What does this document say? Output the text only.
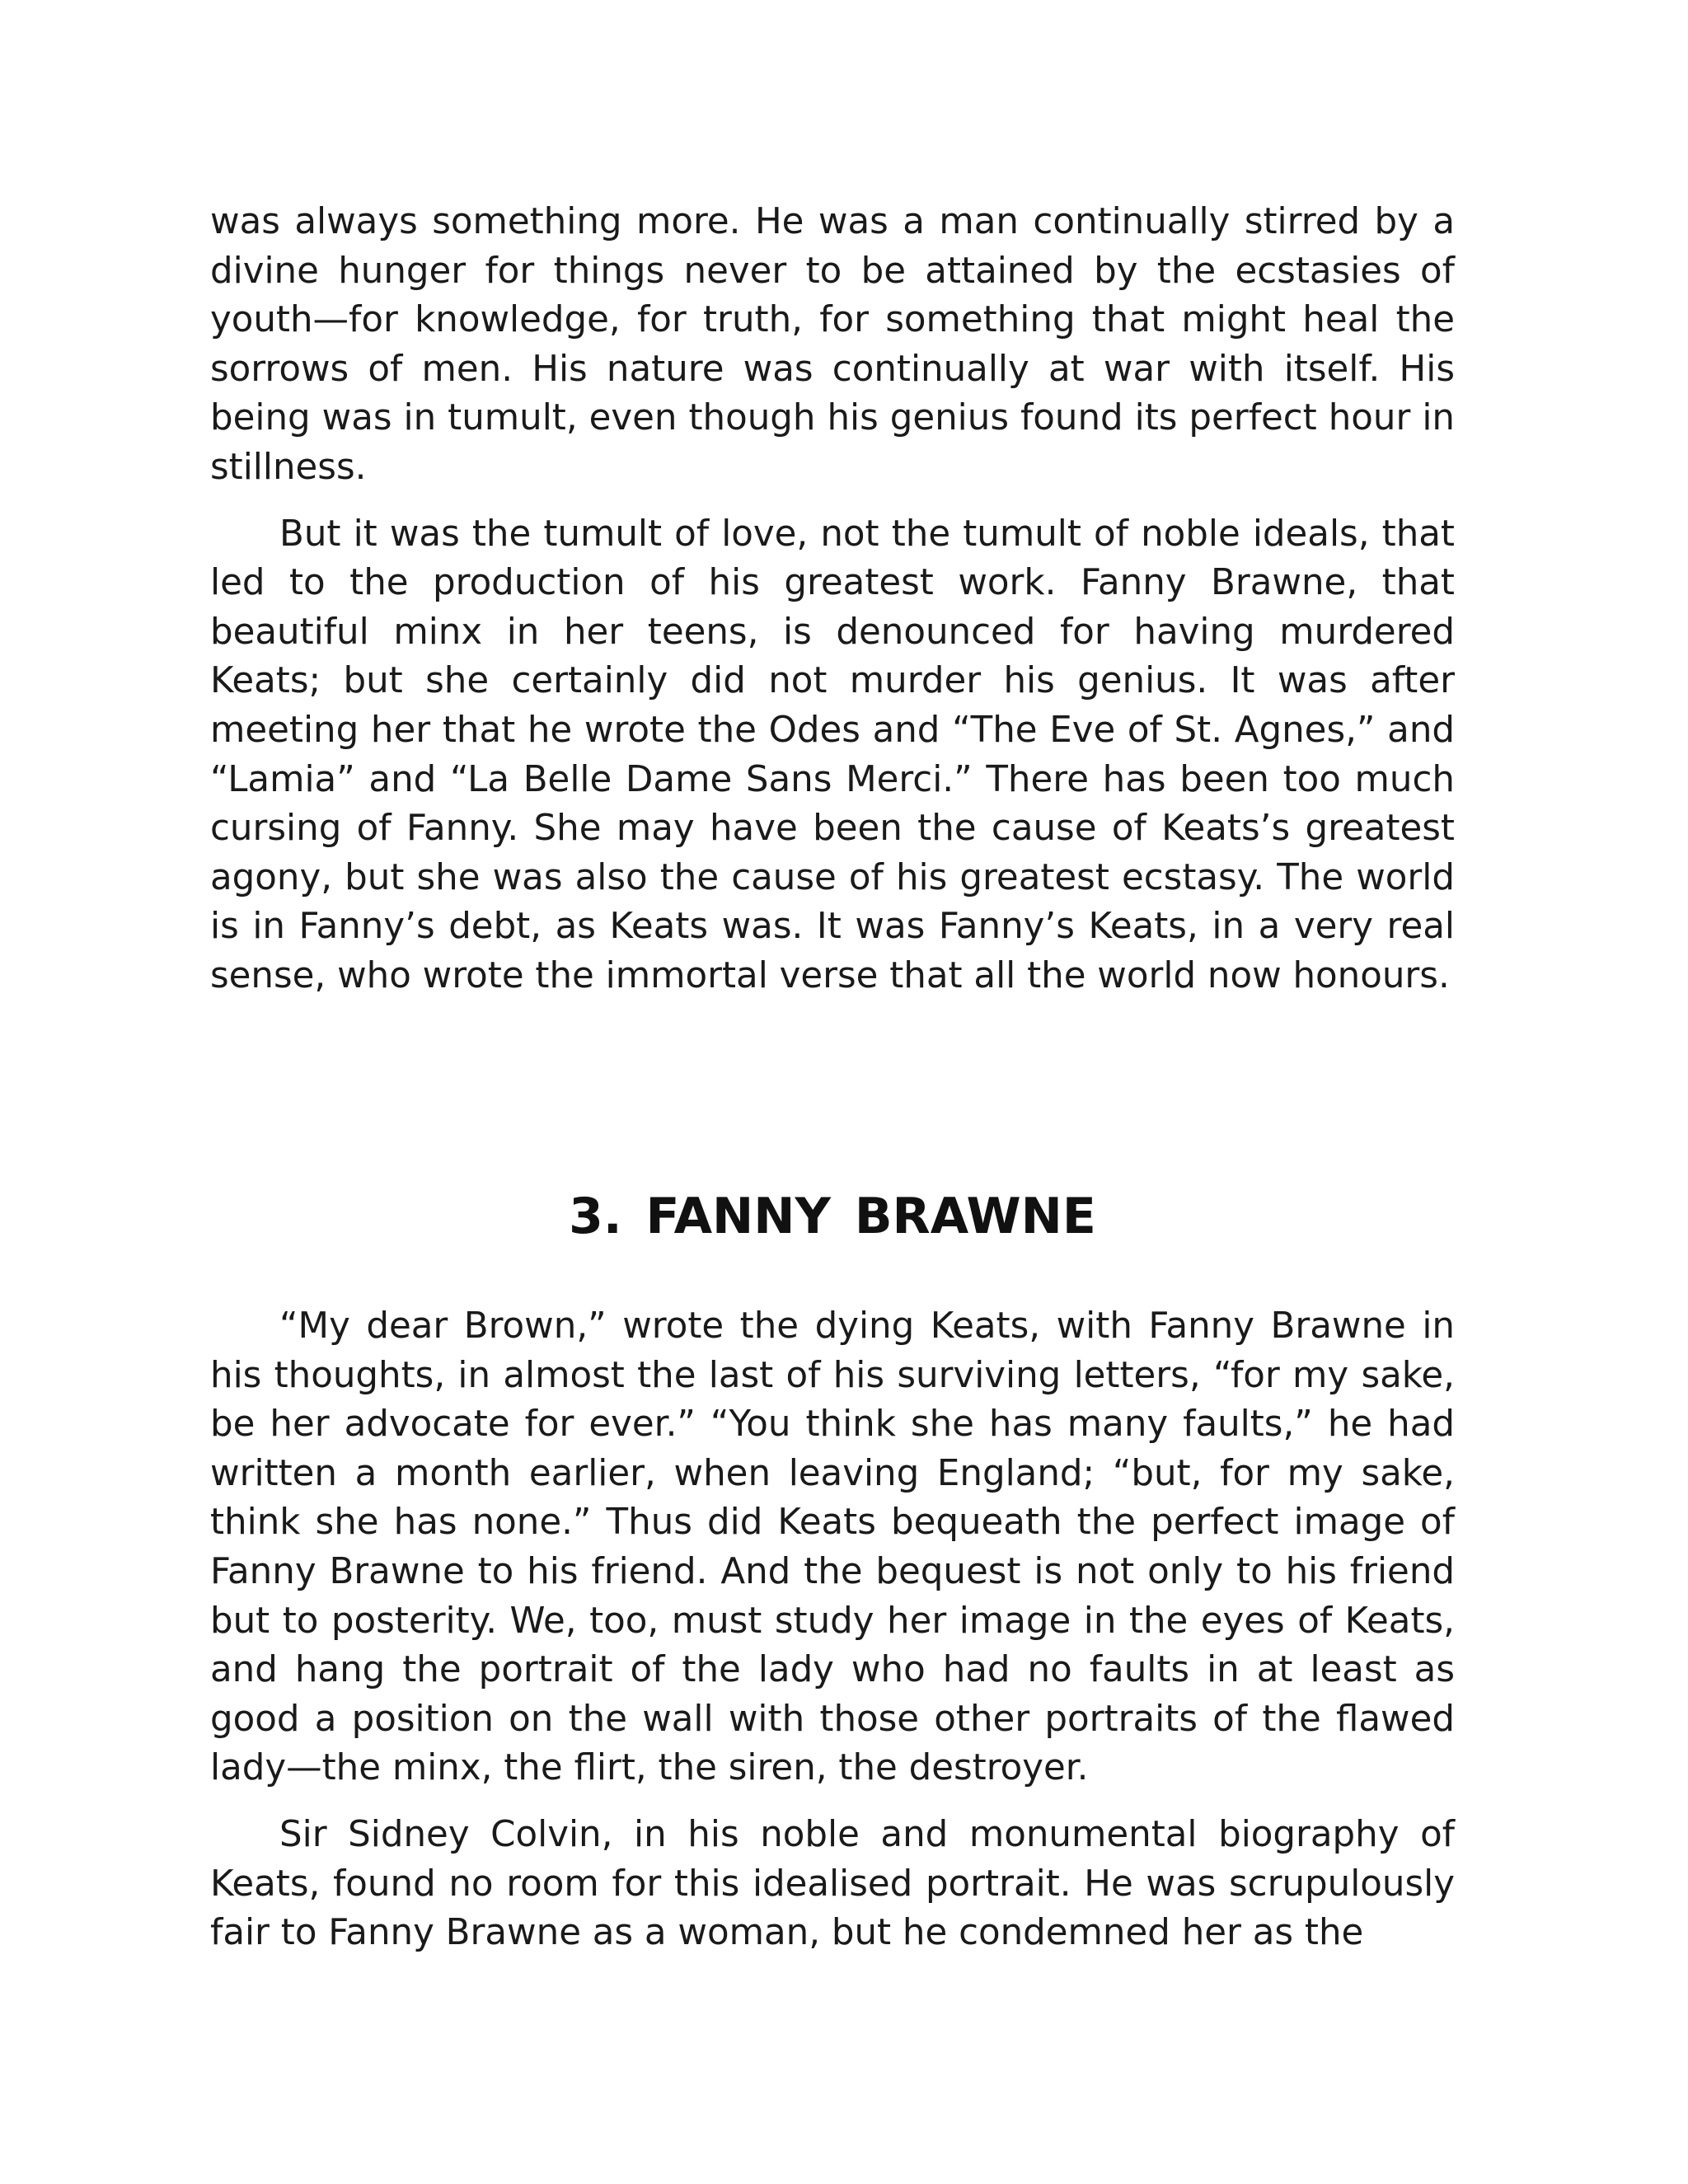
was always something more. He was a man continually stirred by a divine hunger for things never to be attained by the ecstasies of youth—for knowledge, for truth, for something that might heal the sorrows of men. His nature was continually at war with itself. His being was in tumult, even though his genius found its perfect hour in stillness.

But it was the tumult of love, not the tumult of noble ideals, that led to the production of his greatest work. Fanny Brawne, that beautiful minx in her teens, is denounced for having murdered Keats; but she certainly did not murder his genius. It was after meeting her that he wrote the Odes and “The Eve of St. Agnes,” and “Lamia” and “La Belle Dame Sans Merci.” There has been too much cursing of Fanny. She may have been the cause of Keats’s greatest agony, but she was also the cause of his greatest ecstasy. The world is in Fanny’s debt, as Keats was. It was Fanny’s Keats, in a very real sense, who wrote the immortal verse that all the world now honours.

3. FANNY BRAWNE

“My dear Brown,” wrote the dying Keats, with Fanny Brawne in his thoughts, in almost the last of his surviving letters, “for my sake, be her advocate for ever.” “You think she has many faults,” he had written a month earlier, when leaving England; “but, for my sake, think she has none.” Thus did Keats bequeath the perfect image of Fanny Brawne to his friend. And the bequest is not only to his friend but to posterity. We, too, must study her image in the eyes of Keats, and hang the portrait of the lady who had no faults in at least as good a position on the wall with those other portraits of the flawed lady—the minx, the flirt, the siren, the destroyer.

Sir Sidney Colvin, in his noble and monumental biography of Keats, found no room for this idealised portrait. He was scrupulously fair to Fanny Brawne as a woman, but he condemned her as the
